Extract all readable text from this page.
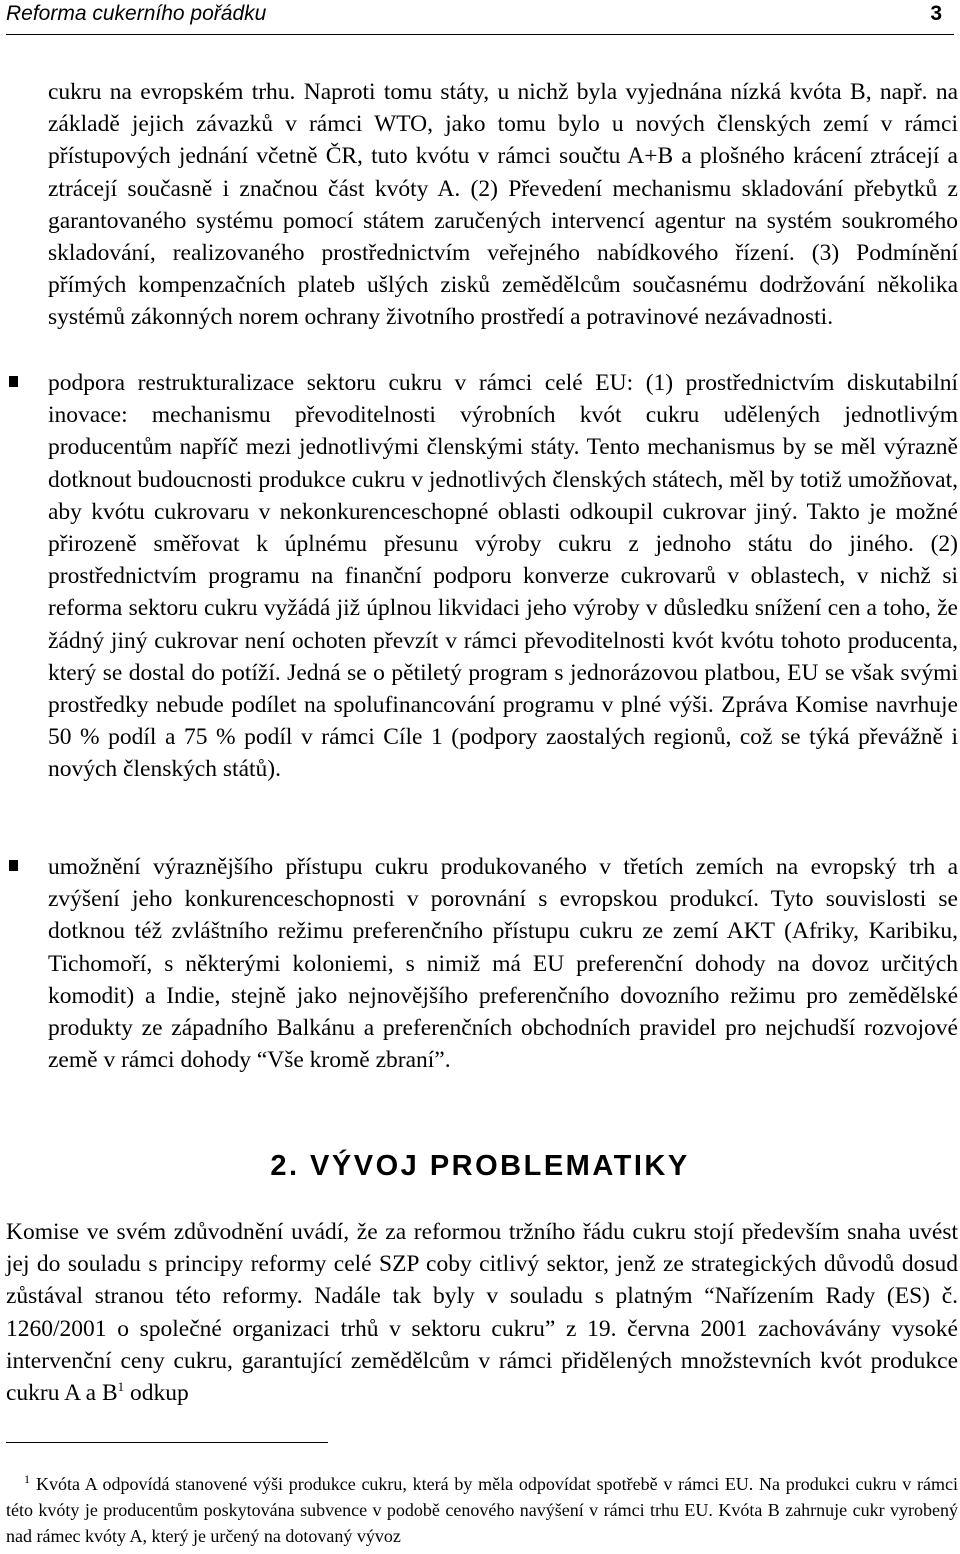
Reforma cukerního pořádku	3
cukru na evropském trhu. Naproti tomu státy, u nichž byla vyjednána nízká kvóta B, např. na základě jejich závazků v rámci WTO, jako tomu bylo u nových členských zemí v rámci přístupových jednání včetně ČR, tuto kvótu v rámci součtu A+B a plošného krácení ztrácejí a ztrácejí současně i značnou část kvóty A. (2) Převedení mechanismu skladování přebytků z garantovaného systému pomocí státem zaručených intervencí agentur na systém soukromého skladování, realizovaného prostřednictvím veřejného nabídkového řízení. (3) Podmínění přímých kompenzačních plateb ušlých zisků zemědělcům současnému dodržování několika systémů zákonných norem ochrany životního prostředí a potravinové nezávadnosti.
podpora restrukturalizace sektoru cukru v rámci celé EU: (1) prostřednictvím diskutabilní inovace: mechanismu převoditelnosti výrobních kvót cukru udělených jednotlivým producentům napříč mezi jednotlivými členskými státy. Tento mechanismus by se měl výrazně dotknout budoucnosti produkce cukru v jednotlivých členských státech, měl by totiž umožňovat, aby kvótu cukrovaru v nekonkurenceschopné oblasti odkoupil cukrovar jiný. Takto je možné přirozeně směřovat k úplnému přesunu výroby cukru z jednoho státu do jiného. (2) prostřednictvím programu na finanční podporu konverze cukrovarů v oblastech, v nichž si reforma sektoru cukru vyžádá již úplnou likvidaci jeho výroby v důsledku snížení cen a toho, že žádný jiný cukrovar není ochoten převzít v rámci převoditelnosti kvót kvótu tohoto producenta, který se dostal do potíží. Jedná se o pětiletý program s jednorázovou platbou, EU se však svými prostředky nebude podílet na spolufinancování programu v plné výši. Zpráva Komise navrhuje 50 % podíl a 75 % podíl v rámci Cíle 1 (podpory zaostalých regionů, což se týká převážně i nových členských států).
umožnění výraznějšího přístupu cukru produkovaného v třetích zemích na evropský trh a zvýšení jeho konkurenceschopnosti v porovnání s evropskou produkcí. Tyto souvislosti se dotknou též zvláštního režimu preferenčního přístupu cukru ze zemí AKT (Afriky, Karibiku, Tichomoří, s některými koloniemi, s nimiž má EU preferenční dohody na dovoz určitých komodit) a Indie, stejně jako nejnovějšího preferenčního dovozního režimu pro zemědělské produkty ze západního Balkánu a preferenčních obchodních pravidel pro nejchudší rozvojové země v rámci dohody “Vše kromě zbraní”.
2. VÝVOJ PROBLEMATIKY
Komise ve svém zdůvodnění uvádí, že za reformou tržního řádu cukru stojí především snaha uvést jej do souladu s principy reformy celé SZP coby citlivý sektor, jenž ze strategických důvodů dosud zůstával stranou této reformy. Nadále tak byly v souladu s platným “Nařízením Rady (ES) č. 1260/2001 o společné organizaci trhů v sektoru cukru” z 19. června 2001 zachovávány vysoké intervenční ceny cukru, garantující zemědělcům v rámci přidělených množstevních kvót produkce cukru A a $B^1$ odkup
$^1$ Kvóta A odpovídá stanovené výši produkce cukru, která by měla odpovídat spotřebě v rámci EU. Na produkci cukru v rámci této kvóty je producentům poskytována subvence v podobě cenového navýšení v rámci trhu EU. Kvóta B zahrnuje cukr vyrobený nad rámec kvóty A, který je určený na dotovaný vývoz
